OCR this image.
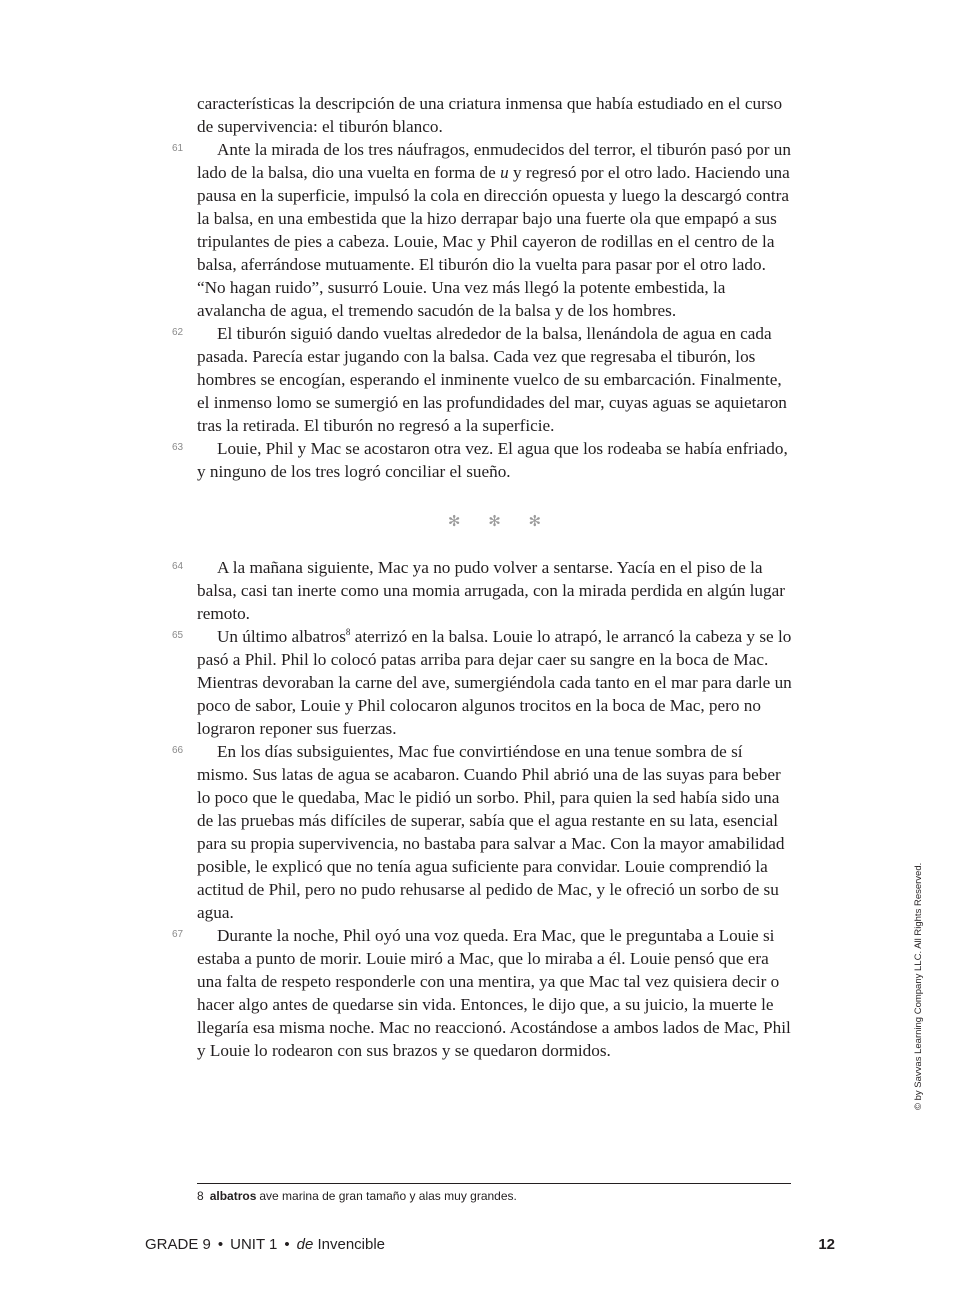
características la descripción de una criatura inmensa que había estudiado en el curso de supervivencia: el tiburón blanco.

61 Ante la mirada de los tres náufragos, enmudecidos del terror, el tiburón pasó por un lado de la balsa, dio una vuelta en forma de u y regresó por el otro lado. Haciendo una pausa en la superficie, impulsó la cola en dirección opuesta y luego la descargó contra la balsa, en una embestida que la hizo derrapar bajo una fuerte ola que empapó a sus tripulantes de pies a cabeza. Louie, Mac y Phil cayeron de rodillas en el centro de la balsa, aferrándose mutuamente. El tiburón dio la vuelta para pasar por el otro lado. “No hagan ruido”, susurró Louie. Una vez más llegó la potente embestida, la avalancha de agua, el tremendo sacudón de la balsa y de los hombres.

62 El tiburón siguió dando vueltas alrededor de la balsa, llenándola de agua en cada pasada. Parecía estar jugando con la balsa. Cada vez que regresaba el tiburón, los hombres se encogían, esperando el inminente vuelco de su embarcación. Finalmente, el inmenso lomo se sumergió en las profundidades del mar, cuyas aguas se aquietaron tras la retirada. El tiburón no regresó a la superficie.

63 Louie, Phil y Mac se acostaron otra vez. El agua que los rodeaba se había enfriado, y ninguno de los tres logró conciliar el sueño.

✻ ✻ ✻

64 A la mañana siguiente, Mac ya no pudo volver a sentarse. Yacía en el piso de la balsa, casi tan inerte como una momia arrugada, con la mirada perdida en algún lugar remoto.

65 Un último albatros$^8$ aterrizó en la balsa. Louie lo atrapó, le arrancó la cabeza y se lo pasó a Phil. Phil lo colocó patas arriba para dejar caer su sangre en la boca de Mac. Mientras devoraban la carne del ave, sumergiéndola cada tanto en el mar para darle un poco de sabor, Louie y Phil colocaron algunos trocitos en la boca de Mac, pero no lograron reponer sus fuerzas.

66 En los días subsiguientes, Mac fue convirtiéndose en una tenue sombra de sí mismo. Sus latas de agua se acabaron. Cuando Phil abrió una de las suyas para beber lo poco que le quedaba, Mac le pidió un sorbo. Phil, para quien la sed había sido una de las pruebas más difíciles de superar, sabía que el agua restante en su lata, esencial para su propia supervivencia, no bastaba para salvar a Mac. Con la mayor amabilidad posible, le explicó que no tenía agua suficiente para convidar. Louie comprendió la actitud de Phil, pero no pudo rehusarse al pedido de Mac, y le ofreció un sorbo de su agua.

67 Durante la noche, Phil oyó una voz queda. Era Mac, que le preguntaba a Louie si estaba a punto de morir. Louie miró a Mac, que lo miraba a él. Louie pensó que era una falta de respeto responderle con una mentira, ya que Mac tal vez quisiera decir o hacer algo antes de quedarse sin vida. Entonces, le dijo que, a su juicio, la muerte le llegaría esa misma noche. Mac no reaccionó. Acostándose a ambos lados de Mac, Phil y Louie lo rodearon con sus brazos y se quedaron dormidos.

8 albatros ave marina de gran tamaño y alas muy grandes.
GRADE 9 • UNIT 1 • de Invencible	12
© by Savvas Learning Company LLC. All Rights Reserved.
